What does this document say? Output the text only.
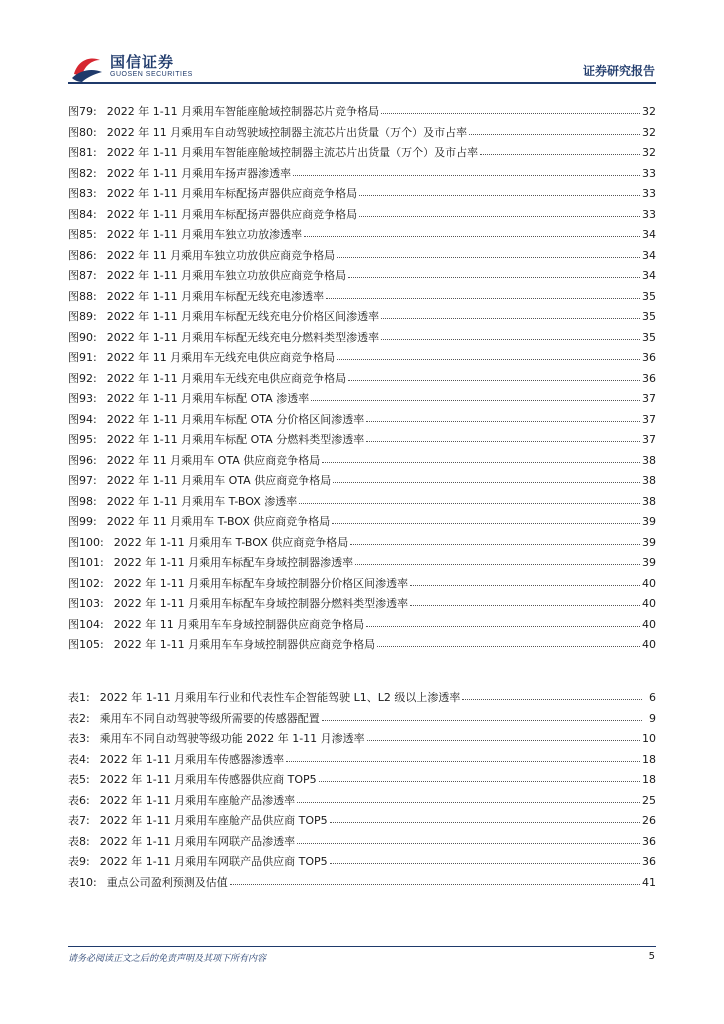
国信证券
GUOSEN SECURITIES	证券研究报告
图79: 2022 年 1-11 月乘用车智能座舱域控制器芯片竞争格局	32
图80: 2022 年 11 月乘用车自动驾驶域控制器主流芯片出货量（万个）及市占率	32
图81: 2022 年 1-11 月乘用车智能座舱域控制器主流芯片出货量（万个）及市占率	32
图82: 2022 年 1-11 月乘用车扬声器渗透率	33
图83: 2022 年 1-11 月乘用车标配扬声器供应商竞争格局	33
图84: 2022 年 1-11 月乘用车标配扬声器供应商竞争格局	33
图85: 2022 年 1-11 月乘用车独立功放渗透率	34
图86: 2022 年 11 月乘用车独立功放供应商竞争格局	34
图87: 2022 年 1-11 月乘用车独立功放供应商竞争格局	34
图88: 2022 年 1-11 月乘用车标配无线充电渗透率	35
图89: 2022 年 1-11 月乘用车标配无线充电分价格区间渗透率	35
图90: 2022 年 1-11 月乘用车标配无线充电分燃料类型渗透率	35
图91: 2022 年 11 月乘用车无线充电供应商竞争格局	36
图92: 2022 年 1-11 月乘用车无线充电供应商竞争格局	36
图93: 2022 年 1-11 月乘用车标配 OTA 渗透率	37
图94: 2022 年 1-11 月乘用车标配 OTA 分价格区间渗透率	37
图95: 2022 年 1-11 月乘用车标配 OTA 分燃料类型渗透率	37
图96: 2022 年 11 月乘用车 OTA 供应商竞争格局	38
图97: 2022 年 1-11 月乘用车 OTA 供应商竞争格局	38
图98: 2022 年 1-11 月乘用车 T-BOX 渗透率	38
图99: 2022 年 11 月乘用车 T-BOX 供应商竞争格局	39
图100: 2022 年 1-11 月乘用车 T-BOX 供应商竞争格局	39
图101: 2022 年 1-11 月乘用车标配车身域控制器渗透率	39
图102: 2022 年 1-11 月乘用车标配车身域控制器分价格区间渗透率	40
图103: 2022 年 1-11 月乘用车标配车身域控制器分燃料类型渗透率	40
图104: 2022 年 11 月乘用车车身域控制器供应商竞争格局	40
图105: 2022 年 1-11 月乘用车车身域控制器供应商竞争格局	40
表1: 2022 年 1-11 月乘用车行业和代表性车企智能驾驶 L1、L2 级以上渗透率	6
表2: 乘用车不同自动驾驶等级所需要的传感器配置	9
表3: 乘用车不同自动驾驶等级功能 2022 年 1-11 月渗透率	10
表4: 2022 年 1-11 月乘用车传感器渗透率	18
表5: 2022 年 1-11 月乘用车传感器供应商 TOP5	18
表6: 2022 年 1-11 月乘用车座舱产品渗透率	25
表7: 2022 年 1-11 月乘用车座舱产品供应商 TOP5	26
表8: 2022 年 1-11 月乘用车网联产品渗透率	36
表9: 2022 年 1-11 月乘用车网联产品供应商 TOP5	36
表10: 重点公司盈利预测及估值	41
请务必阅读正文之后的免责声明及其项下所有内容	5
